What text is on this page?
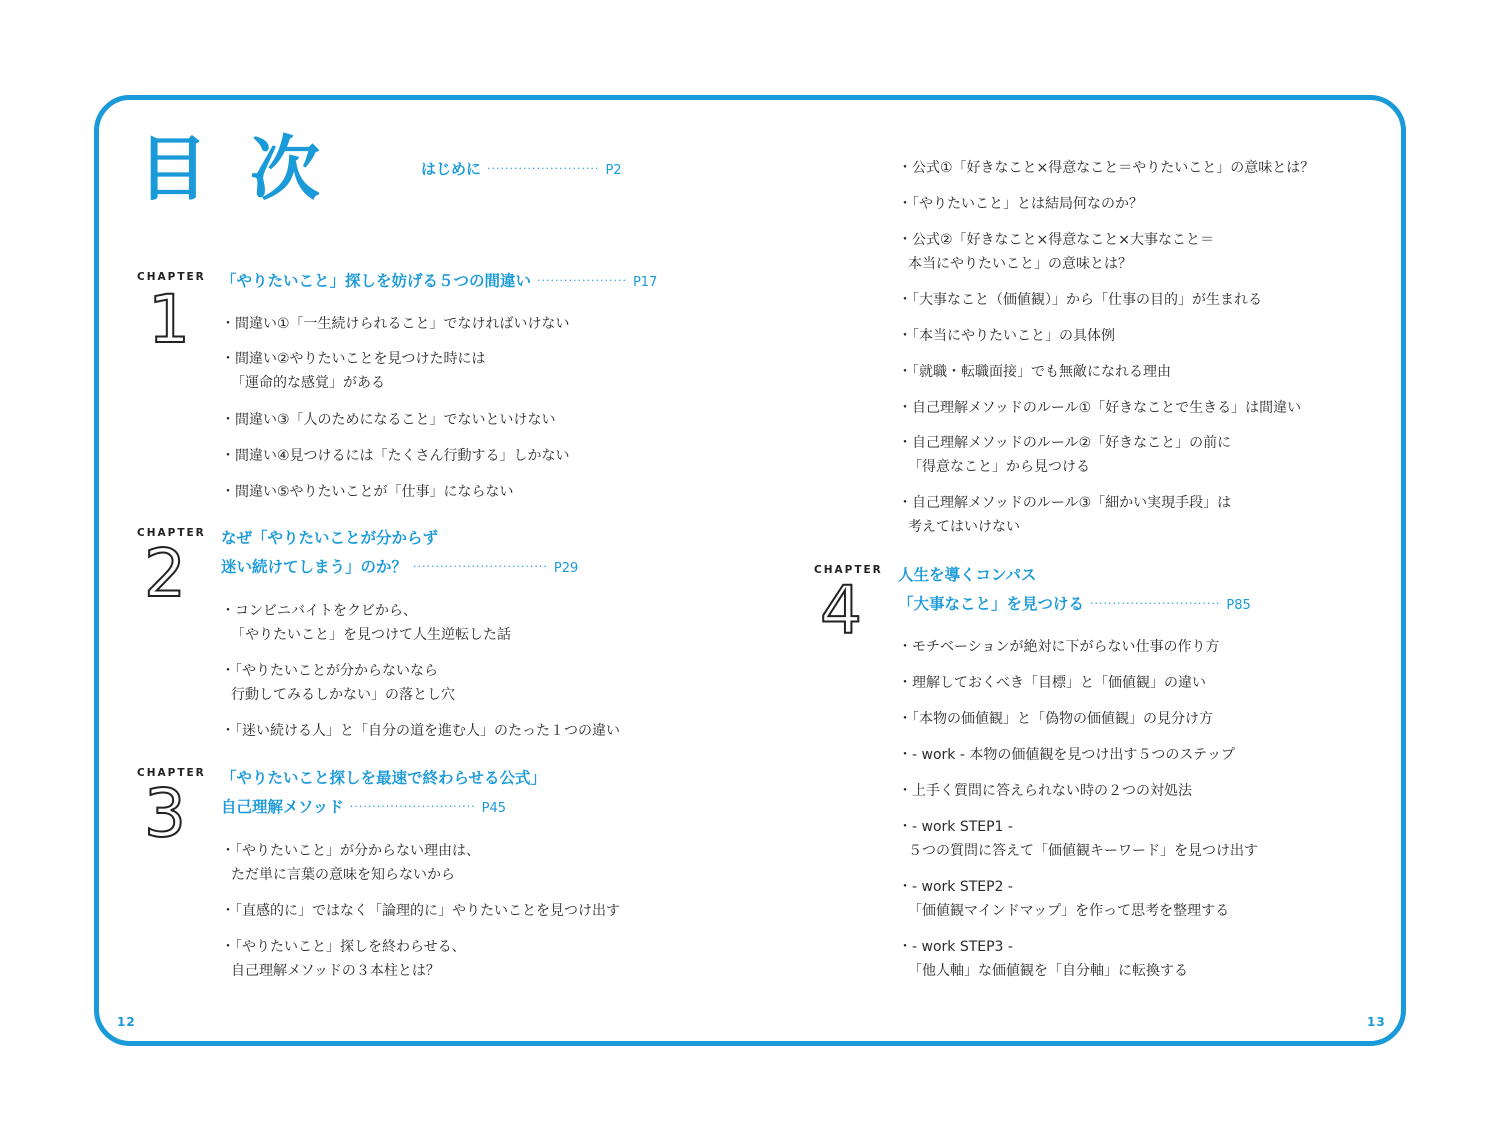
目 次	はじめに ························· P2
CHAPTER
1 「やりたいこと」探しを妨げる５つの間違い ···················· P17
・間違い①「一生続けられること」でなければいけない
・間違い②やりたいことを見つけた時には
「運命的な感覚」がある
・間違い③「人のためになること」でないといけない
・間違い④見つけるには「たくさん行動する」しかない
・間違い⑤やりたいことが「仕事」にならない
CHAPTER
2 なぜ「やりたいことが分からず
迷い続けてしまう」のか？ ······························ P29
・コンビニバイトをクビから、
「やりたいこと」を見つけて人生逆転した話
・「やりたいことが分からないなら
行動してみるしかない」の落とし穴
・「迷い続ける人」と「自分の道を進む人」のたった１つの違い
CHAPTER
3 「やりたいこと探しを最速で終わらせる公式」
自己理解メソッド ···························· P45
・「やりたいこと」が分からない理由は、
ただ単に言葉の意味を知らないから
・「直感的に」ではなく「論理的に」やりたいことを見つけ出す
・「やりたいこと」探しを終わらせる、
自己理解メソッドの３本柱とは？
・公式①「好きなこと×得意なこと＝やりたいこと」の意味とは？
・「やりたいこと」とは結局何なのか？
・公式②「好きなこと×得意なこと×大事なこと＝
本当にやりたいこと」の意味とは？
・「大事なこと（価値観）」から「仕事の目的」が生まれる
・「本当にやりたいこと」の具体例
・「就職・転職面接」でも無敵になれる理由
・自己理解メソッドのルール①「好きなことで生きる」は間違い
・自己理解メソッドのルール②「好きなこと」の前に
「得意なこと」から見つける
・自己理解メソッドのルール③「細かい実現手段」は
考えてはいけない
CHAPTER
4 人生を導くコンパス
「大事なこと」を見つける ····························· P85
・モチベーションが絶対に下がらない仕事の作り方
・理解しておくべき「目標」と「価値観」の違い
・「本物の価値観」と「偽物の価値観」の見分け方
・- work - 本物の価値観を見つけ出す５つのステップ
・上手く質問に答えられない時の２つの対処法
・- work STEP1 -
５つの質問に答えて「価値観キーワード」を見つけ出す
・- work STEP2 -
「価値観マインドマップ」を作って思考を整理する
・- work STEP3 -
「他人軸」な価値観を「自分軸」に転換する
12	13
